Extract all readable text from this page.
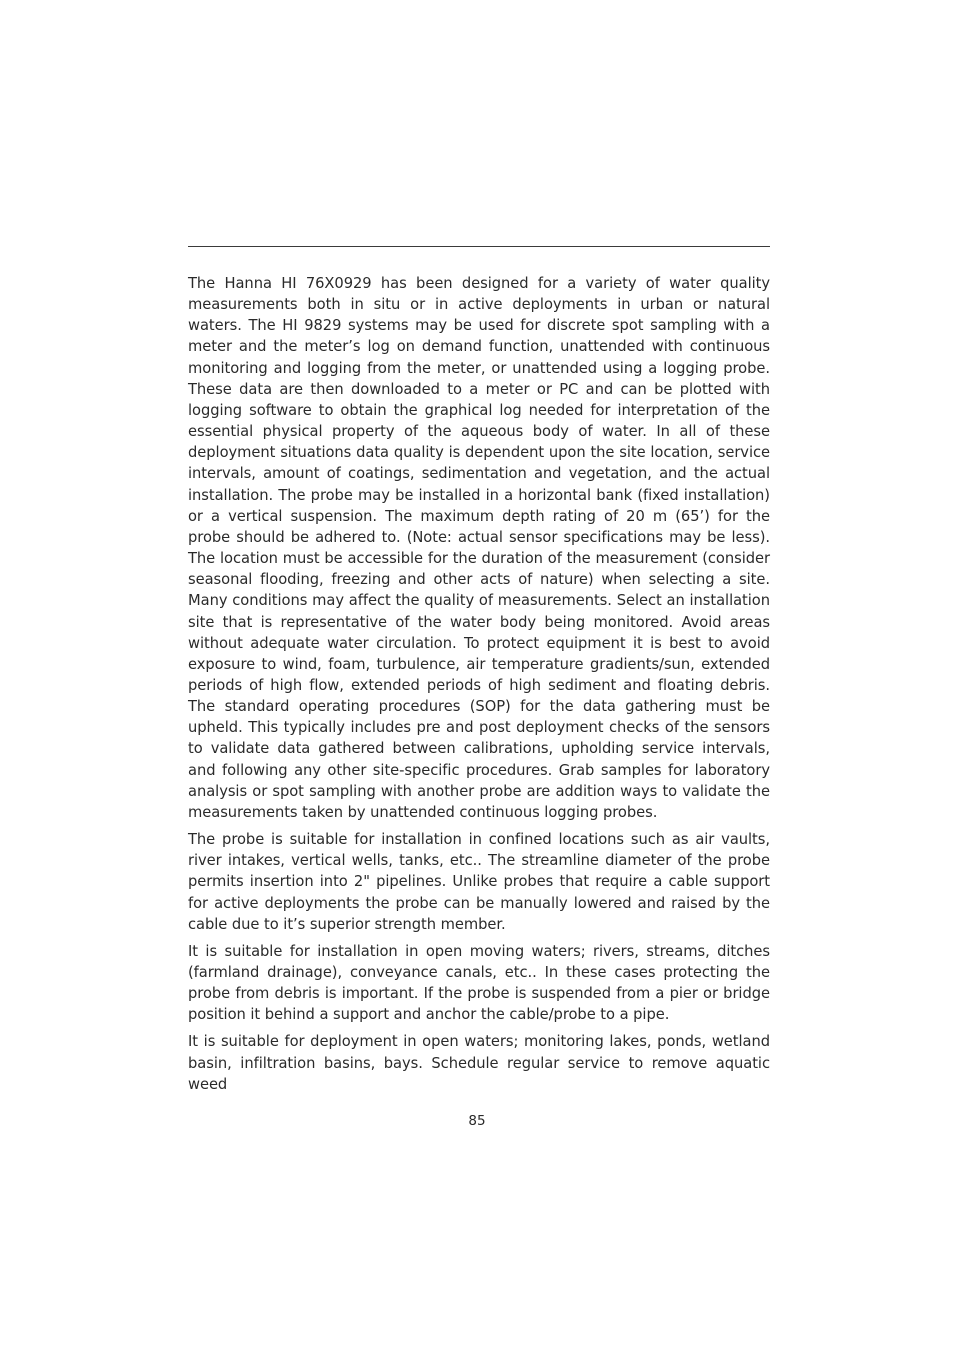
The Hanna HI 76X0929 has been designed for a variety of water quality measurements both in situ or in active deployments in urban or natural waters. The HI 9829 systems may be used for discrete spot sampling with a meter and the meter’s log on demand function, unattended with continuous monitoring and logging from the meter, or unattended using a logging probe. These data are then downloaded to a meter or PC and can be plotted with logging software to obtain the graphical log needed for interpretation of the essential physical property of the aqueous body of water. In all of these deployment situations data quality is dependent upon the site location, service intervals, amount of coatings, sedimentation and vegetation, and the actual installation. The probe may be installed in a horizontal bank (fixed installation) or a vertical suspension. The maximum depth rating of 20 m (65’) for the probe should be adhered to. (Note: actual sensor specifications may be less). The location must be accessible for the duration of the measurement (consider seasonal flooding, freezing and other acts of nature) when selecting a site. Many conditions may affect the quality of measurements. Select an installation site that is representative of the water body being monitored. Avoid areas without adequate water circulation. To protect equipment it is best to avoid exposure to wind, foam, turbulence, air temperature gradients/sun, extended periods of high flow, extended periods of high sediment and floating debris. The standard operating procedures (SOP) for the data gathering must be upheld. This typically includes pre and post deployment checks of the sensors to validate data gathered between calibrations, upholding service intervals, and following any other site-specific procedures. Grab samples for laboratory analysis or spot sampling with another probe are addition ways to validate the measurements taken by unattended continuous logging probes.

The probe is suitable for installation in confined locations such as air vaults, river intakes, vertical wells, tanks, etc.. The streamline diameter of the probe permits insertion into 2" pipelines. Unlike probes that require a cable support for active deployments the probe can be manually lowered and raised by the cable due to it’s superior strength member.

It is suitable for installation in open moving waters; rivers, streams, ditches (farmland drainage), conveyance canals, etc.. In these cases protecting the probe from debris is important. If the probe is suspended from a pier or bridge position it behind a support and anchor the cable/probe to a pipe.

It is suitable for deployment in open waters; monitoring lakes, ponds, wetland basin, infiltration basins, bays. Schedule regular service to remove aquatic weed

85
